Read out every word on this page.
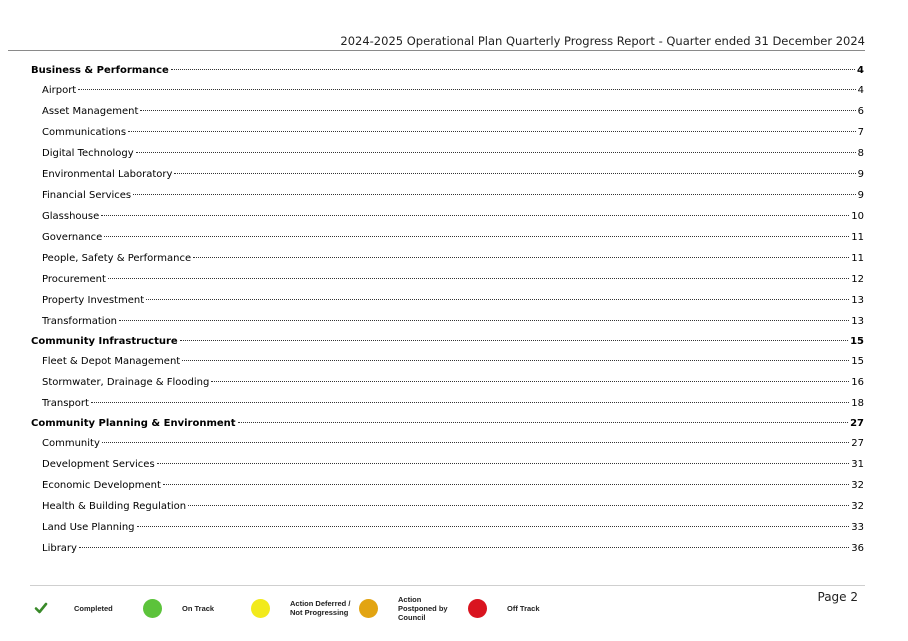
2024-2025 Operational Plan Quarterly Progress Report - Quarter ended 31 December 2024
Business & Performance	4
Airport	4
Asset Management	6
Communications	7
Digital Technology	8
Environmental Laboratory	9
Financial Services	9
Glasshouse	10
Governance	11
People, Safety & Performance	11
Procurement	12
Property Investment	13
Transformation	13
Community Infrastructure	15
Fleet & Depot Management	15
Stormwater, Drainage & Flooding	16
Transport	18
Community Planning & Environment	27
Community	27
Development Services	31
Economic Development	32
Health & Building Regulation	32
Land Use Planning	33
Library	36
Page 2
Completed	On Track	Action Deferred /
Not Progressing
Action
Postponed by
Council
Off Track
